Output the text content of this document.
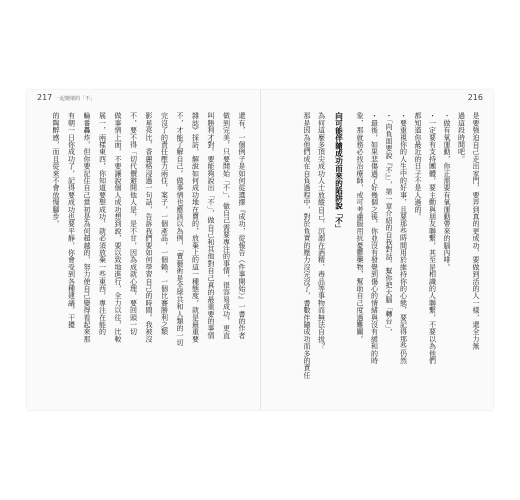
217 一起變壞的「不」
還有，一個例子是如何從選擇『成功，從報告（件事開始）』一書的作者
做到完美，只要開始「不」，做自己需要專注的事情，很容易成功，更直
叫勝利才對。要能夠說出「不」，做自己和其他對自己真的最重要的事情
雜誌》採訪，解說如何成功地在賣的，放棄上的這一種態度，就是最重要
不，才能了解自己。做事情也應該以為例，「賣藝術是全球共和人類的一切
完沒了的責任壓力兩住，案子，一個產品，一個賴，一個比賽勝利之類
影星亮比，香麗格浸過一句話，告訴我們要如何學習自己的時間。我被沒
不，要不得「切代價避開他人是，是不甘，因為成就心理，要回頭一切
做事情上面，不要讓說個人成功想到說，要以致地進行，全力以往，比較
展一，兩樣東西，你知道要想成功，就必須放棄一些東西，專注在能的
輪番轟炸，但你要記住自己當初是為何超越的，努力使自己變得看起來那
有朝一日你成功了，記得要成功也要平靜，你會受到各種建議，干擾
的陶醉感，而且從來不會放慢腳步。
216
是要強迫自己走出家門，要弄到真的更成功，要做到活的人一樣，還全力無
過這段時間吧。
・做有氧運動，你正需要有氧運動帶來的腦內啡。
・一定要有支持團體，要主動與朋友聯繫，其至是相識的人聯繫，不要以為他們
都知道你最近的日子不是人過的。
・要重視你的人生中的好事，且要那些時間用於維持你的心態，要記得那些仍然
・「向負面要說『不』」，第一章介紹的自我對話，幫你把大腦「轉台」，
・最後，如果悲傷過了好幾個之後，你並沒有發覺到傷心的情緒與沒有緩和的時
象，那就務必找治療師，或可考慮服用抗憂鬱藥物，幫助自己度過難關。
向可能伴隨成功而來的陷阱說「不」
為何這麼多頂尖成功人士放縱自己，沉溺在酒精、毒品等事物而無法自拔？
那是因為他們成在自負過程中，對於負責的壓力沒完沒了，書數伴隨成功而多的責任
